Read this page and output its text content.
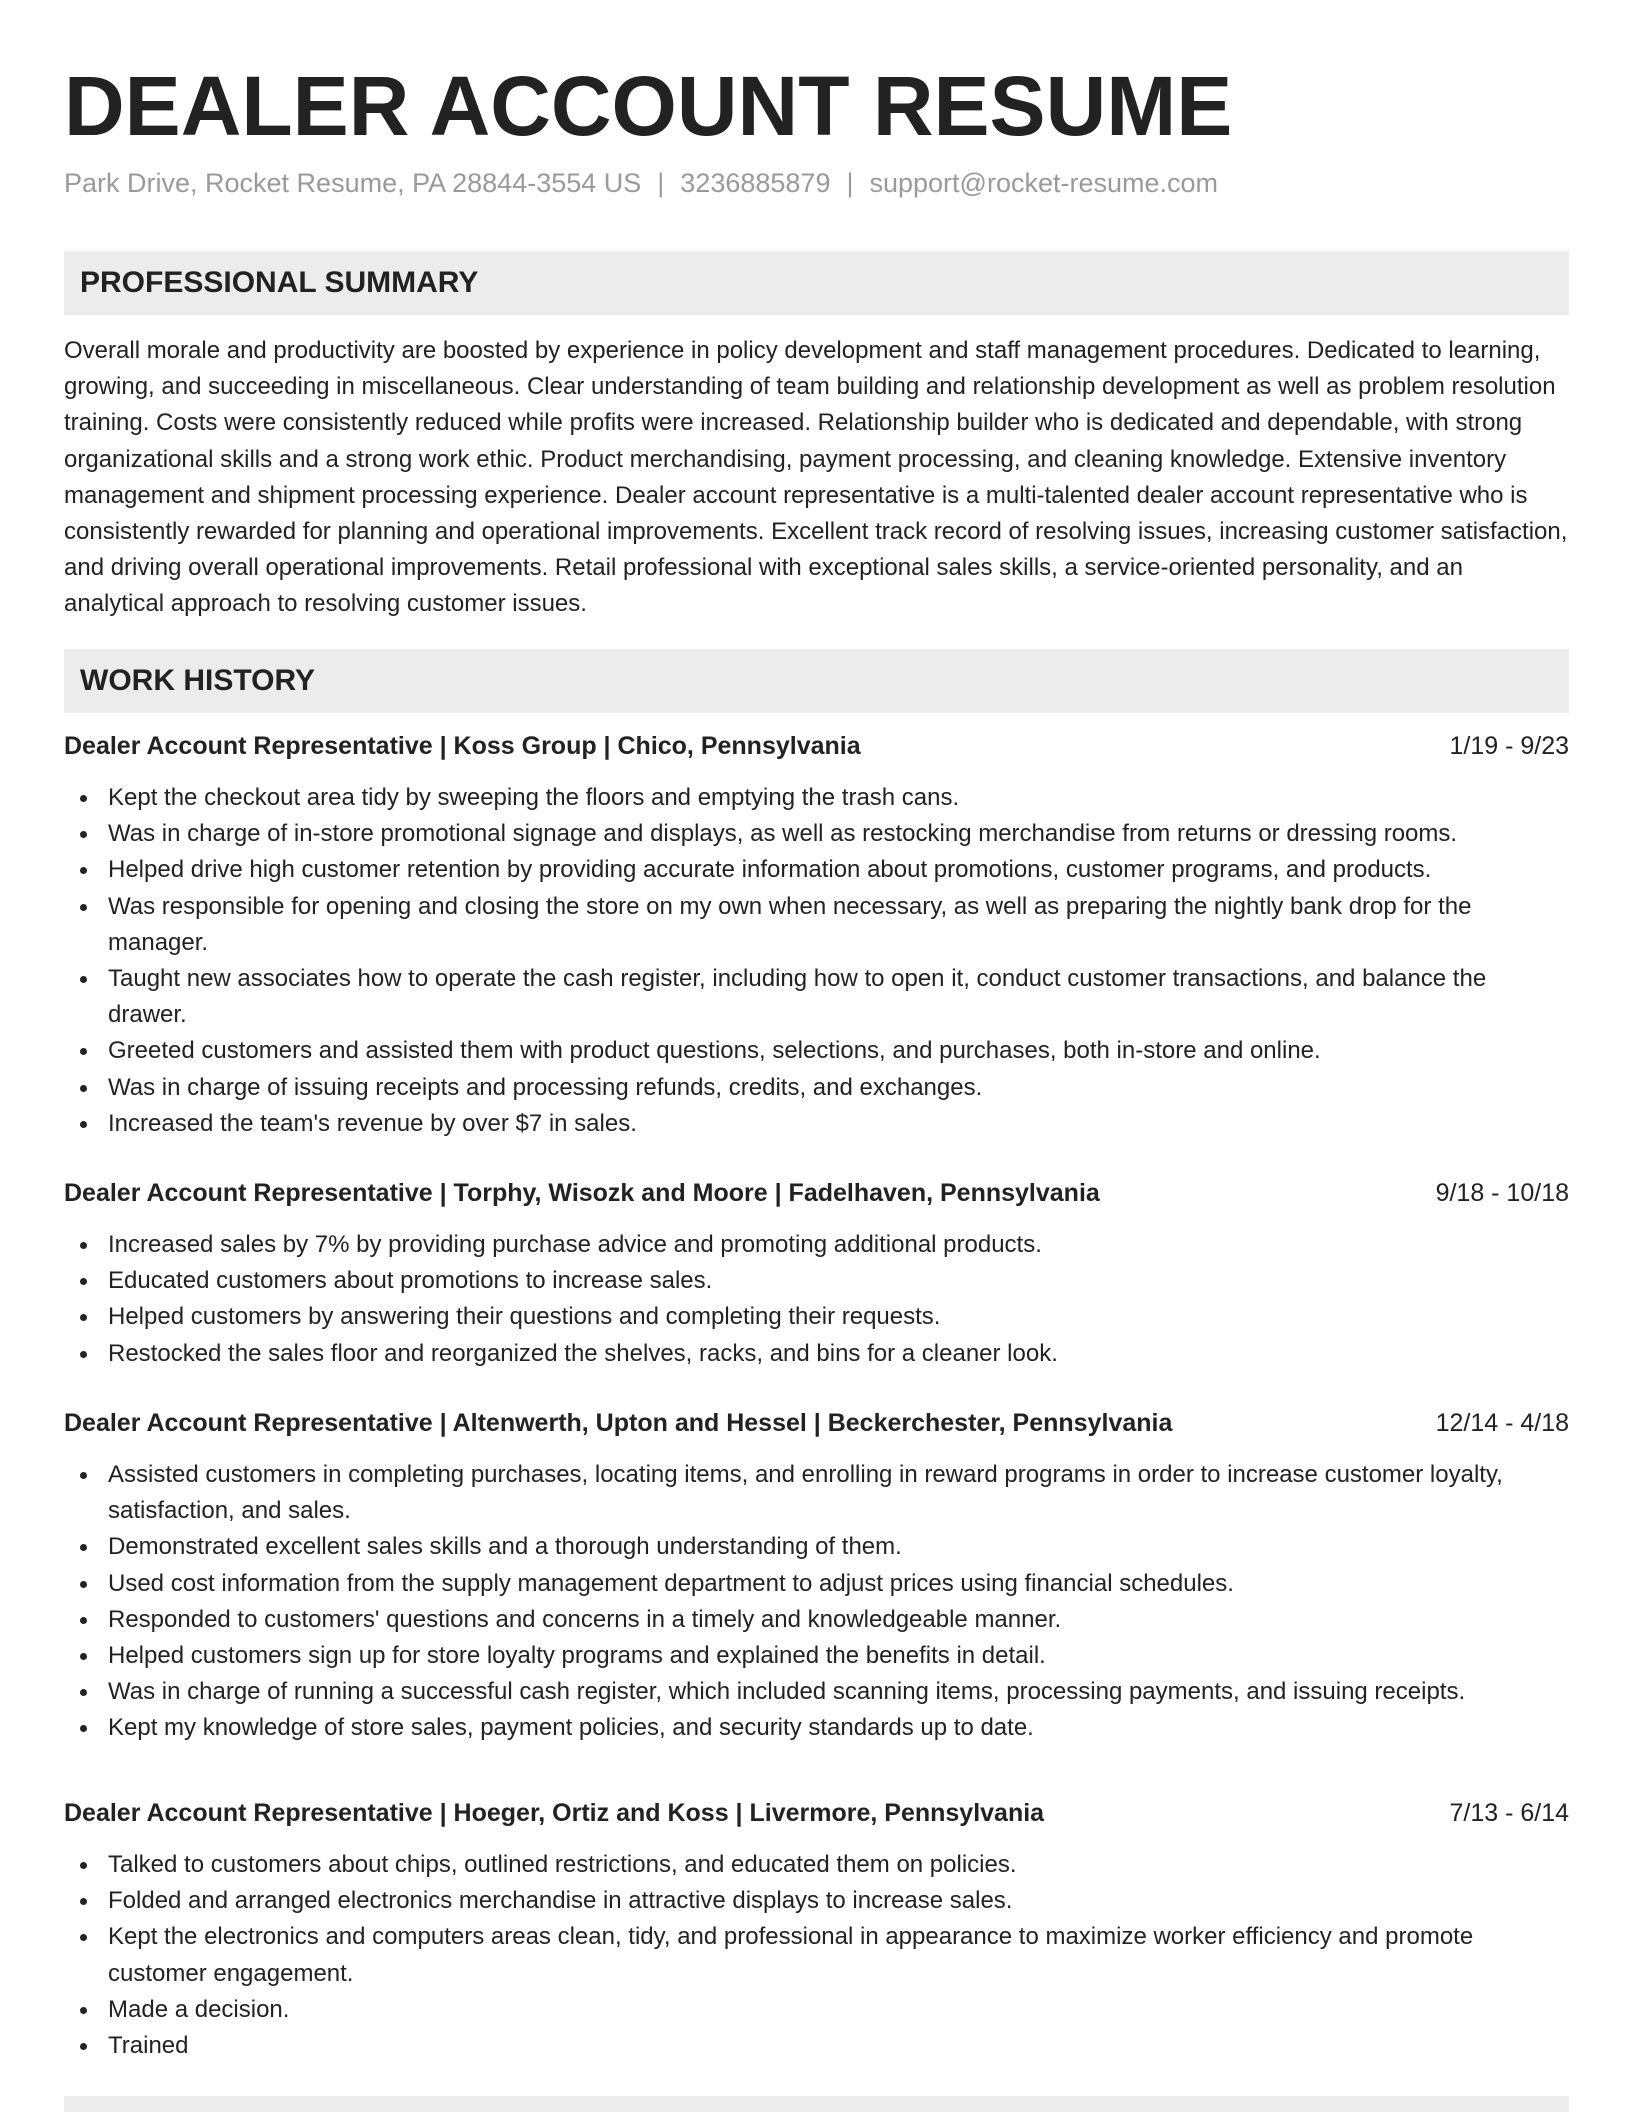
DEALER ACCOUNT RESUME
Park Drive, Rocket Resume, PA 28844-3554 US | 3236885879 | support@rocket-resume.com
PROFESSIONAL SUMMARY

Overall morale and productivity are boosted by experience in policy development and staff management procedures. Dedicated to learning, growing, and succeeding in miscellaneous. Clear understanding of team building and relationship development as well as problem resolution training. Costs were consistently reduced while profits were increased. Relationship builder who is dedicated and dependable, with strong organizational skills and a strong work ethic. Product merchandising, payment processing, and cleaning knowledge. Extensive inventory management and shipment processing experience. Dealer account representative is a multi-talented dealer account representative who is consistently rewarded for planning and operational improvements. Excellent track record of resolving issues, increasing customer satisfaction, and driving overall operational improvements. Retail professional with exceptional sales skills, a service-oriented personality, and an analytical approach to resolving customer issues.

WORK HISTORY
Dealer Account Representative | Koss Group | Chico, Pennsylvania	1/19 - 9/23
Kept the checkout area tidy by sweeping the floors and emptying the trash cans.
Was in charge of in-store promotional signage and displays, as well as restocking merchandise from returns or dressing rooms.
Helped drive high customer retention by providing accurate information about promotions, customer programs, and products.
Was responsible for opening and closing the store on my own when necessary, as well as preparing the nightly bank drop for the manager.
Taught new associates how to operate the cash register, including how to open it, conduct customer transactions, and balance the drawer.
Greeted customers and assisted them with product questions, selections, and purchases, both in-store and online.
Was in charge of issuing receipts and processing refunds, credits, and exchanges.
Increased the team's revenue by over $7 in sales.
Dealer Account Representative | Torphy, Wisozk and Moore | Fadelhaven, Pennsylvania	9/18 - 10/18
Increased sales by 7% by providing purchase advice and promoting additional products.
Educated customers about promotions to increase sales.
Helped customers by answering their questions and completing their requests.
Restocked the sales floor and reorganized the shelves, racks, and bins for a cleaner look.
Dealer Account Representative | Altenwerth, Upton and Hessel | Beckerchester, Pennsylvania	12/14 - 4/18
Assisted customers in completing purchases, locating items, and enrolling in reward programs in order to increase customer loyalty, satisfaction, and sales.
Demonstrated excellent sales skills and a thorough understanding of them.
Used cost information from the supply management department to adjust prices using financial schedules.
Responded to customers' questions and concerns in a timely and knowledgeable manner.
Helped customers sign up for store loyalty programs and explained the benefits in detail.
Was in charge of running a successful cash register, which included scanning items, processing payments, and issuing receipts.
Kept my knowledge of store sales, payment policies, and security standards up to date.
Dealer Account Representative | Hoeger, Ortiz and Koss | Livermore, Pennsylvania	7/13 - 6/14
Talked to customers about chips, outlined restrictions, and educated them on policies.
Folded and arranged electronics merchandise in attractive displays to increase sales.
Kept the electronics and computers areas clean, tidy, and professional in appearance to maximize worker efficiency and promote customer engagement.
Made a decision.
Trained
